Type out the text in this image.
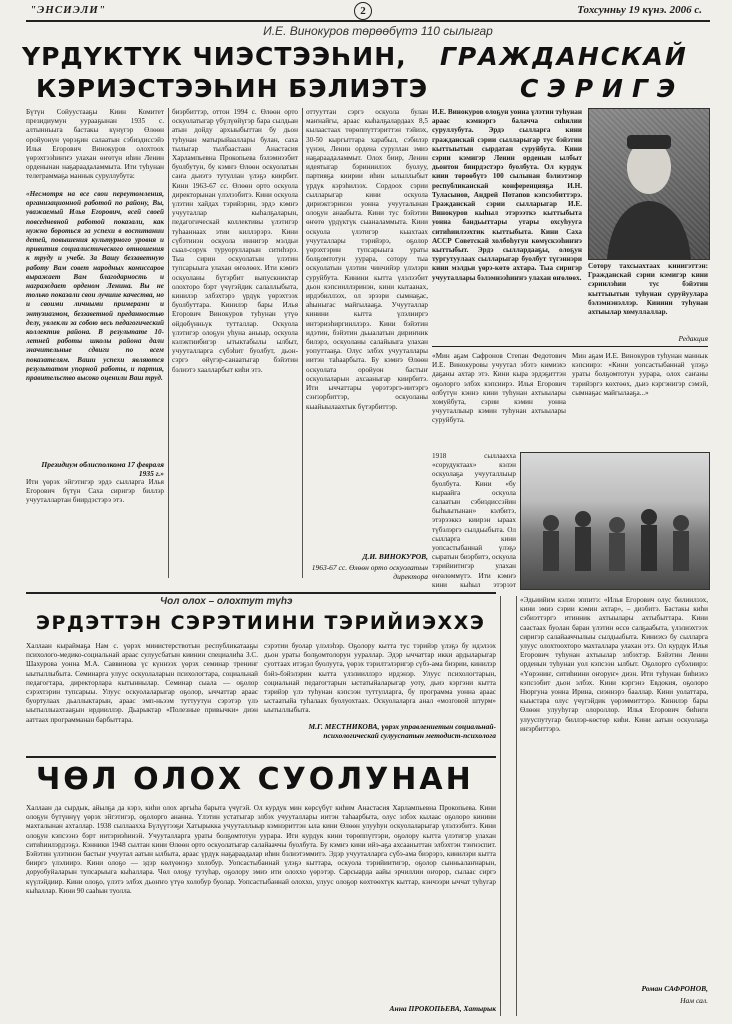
"ЭНСИЭЛИ"	2	Тохсунньу 19 күнэ. 2006 с.
И.Е. Винокуров төрөөбүтэ 110 сылыгар
ҮРДҮКТҮК ЧИЭСТЭЭҺИН,
КЭРИЭСТЭЭҺИН БЭЛИЭТЭ
ГРАЖДАНСКАЙ
СЭРИГЭ
Бүтүн Сойуустааҕы Киин Комитет президиумун уурааҕынан 1935 с. алтынньыга бастакы күнүгэр Өлөөн оройуонун үөрэҕин салаатын сэбиэдиссэйэ Илья Егорович Винокуров олохтоох үөрэхтээһиҥҥэ улахан өҥөтүн иһин Ленин орденынан наҕараадаламмыта. Ити туһунан телеграммаҕа маннык суруллубута:
«Несмотря на все свои переутомления, организационной работой по району, Вы, уважаемый Илья Егорович, всей своей повседневной работой показали, как нужно бороться за успехи в воспитании детей, повышения культурного уровня и привития социалистического отношения к труду и учебе. За Вашу беззаветную работу Вам совет народных комиссаров выражает Вам благодарность и награждает орденом Ленина. Вы не только показали свои лучшие качества, но и своими личными примерами и энтузиазмом, беззаветной преданностью делу, увлекли за собою весь педагогический коллектив района. В результате 10-летней работы школы района дали значительные сдвиги по всем показателям. Ваши успехи являются результатом упорной работы, и партия, правительство высоко оценили Ваш труд.
Президиум облисполкома 17 февраля 1935 г.»
Ити үөрэх эйгэтигэр эрдэ сылларга Илья Егорович бүтүн Саха сиригэр биллэр учууталлартан биирдэстэрэ этэ.
биэрбиттэр, оттон 1994 с. Өлөөн орто оскуолатыгар үбүлүөйүгэр бара сылдьан атын дойду архыыбыттан бу дьон туһунан матырыйааллары булан, саха тылыгар тылбаастаан Анастасия Харлампьевна Прокопьева бэлэмнээбит буолбутун, бу кэмҥэ Өлөөн оскуолатын саҥа дьиэтэ тутуллан үлэҕэ киирбит. Кини 1963-67 сс. Өлөөн орто оскуола директорынан үлэлээбитэ. Кини оскуола үлэтин хайдах тэрийэрин, эрдэ кэмҥэ учууталлар кыһалҕаларын, педагогическай коллективы үлэтигэр туһааннаах этии киллэрэрэ. Кини сүбэтинэн оскуола иннигэр мэлдьи сыал-сорук туруорулларын ситиһэрэ. Тыа сирин оскуолатын үлэтин тупсарыыга улахан өҥөлөөх. Ити кэмҥэ оскуоланы бүтэрбит выпускниктар олохторо бэрт үчүгэйдик салаллыбыта, кинилэр элбэхтэрэ үрдүк үөрэхтээх буолбуттара. Кинилэр бары Илья Егорович Винокуров туһунан үтүө өйдөбүнньүк тутталлар. Оскуола үлэтигэр олоҕун уһуна аныыр, оскуола кэлэктиибигэр ытыктабылы ылбыт, учууталларга сүбэһит буолбут, дьон-сэргэ өйүгэр-санаатыгар бэйэтин бэлиэтэ хаалларбыт киһи этэ.
оттууттан сэргэ оскуола булан маҥнайгы, араас кыһалҕалардаах 8,5 кылаастаах төрөппүттэриттэн тэйиэх, 30-50 кыргыттара харабыл, сэбилэр үүнэн, Ленин ордена суруллан эмиэ наҕараадаламмыт. Олох биир, Ленин идеятыгар бэриниилээх буолуу, партияҕа киирии иһин ылыллыбыт үрдүк кэрэһилээх. Сордоох сэрии сылларыгар кини оскуола дириэктэринэн уонна учууталынан олоҕун анаабыта. Кини тус бэйэтин өҥөтө үрдүктүк сыаналаммыта. Кини оскуола үлэтигэр кыахтаах учууталлары тэрийэрэ, оҕолор үөрэхтэрин тупсарыыга ураты болҕомтотун уурара, сотору тыа оскуолатын үлэтин чинчийэр үлэлэри суруйбута. Кинини кытта үлэлээбит дьон кэпсииллэринэн, кини кытаанах, ирдэбиллээх, ол эрээри сымнаҕас, аһыныгас майгылааҕа. Учууталлар кинини кытта үлэлииргэ интэриэһиргииллэрэ. Кини бэйэтин идэтин, бэйэтин дьыалатын дириҥник билэрэ, оскуоланы салайыыга улахан уопуттааҕа. Олус элбэх учууталлары иитэн таһаарбыта. Бу кэмҥэ Өлөөн оскуолата оройуон бастыҥ оскуолаларын ахсааныгар киирбитэ. Ити ыччаттары үөрэтэргэ-иитэргэ сэҥээрбиттэр, оскуоланы кыайыылаахтык бүтэрбиттэр.
Д.И. ВИНОКУРОВ,
1963-67 сс. Өлөөн орто оскуолатын директора
И.Е. Винокуров олоҕун уонна үлэтин туһунан араас кэмнэргэ балачча сиһилии суруллубута. Эрдэ сылларга кини гражданскай сэрии сылларыгар тус бэйэтин кыттыытын сырдатан суруйбута. Кини сэрии кэмигэр Ленин орденын ылбыт дьонтон биирдэстэрэ буолбута. Ол курдук кини төрөөбүтэ 100 сылынан бэлиэтэнэр республиканскай конференцияҕа И.Н. Туласынов, Андрей Потапов кэпсээбиттэрэ. Гражданскай сэрии сылларыгар И.Е. Винокуров кыһыл этэрээткэ кыттыбыта уонна бандьыттары утары охсуһууга ситиһиилээхтик кыттыбыта. Кини Саха АССР Советскай холбоһугун көмүскээһиҥҥэ кыттыбыт. Эрдэ сыллардааҕы, олоҕун тургутуулаах сылларыгар буолбут түгэннэри кини мэлдьи үөрэ-көтө ахтара. Тыа сиригэр учууталлары бэлэмнээһиҥҥэ улахан өҥөлөөх.
Сотору тахсыахтаах кинигэттэн: Гражданскай сэрии кэмигэр кини сэриилэһии тус бэйэтин кыттыытын туһунан суруйуулара бэлэмнэнэллэр. Кинини туһунан ахтыылар хомуллаллар.
Редакция
«Мин аҕам Сафронов Степан Федотович И.Е. Винокуровы учуутал эбэтэ кимиэхэ даҕаны ахтар этэ. Кини кыра эрдэҕиттэн оҕолорго элбэх кэпсиирэ. Илья Егорович өлбүтүн кэннэ кини туһунан ахтыылары хомуйбута, сэрии кэмин уонна учууталлыыр кэмин туһунан ахтыылары суруйбута.
Мин аҕам И.Е. Винокуров туһунан маннык кэпсиирэ: «Кини уопсастыбаннай үлэҕэ ураты болҕомтотун уурара, олох саҥаны тэрийэргэ көхтөөх, дьиэ кэргэнигэр сэмэй, сымнаҕас майгылааҕа...»
1918 сыллаахха «сорудуктаах» кэлэн оскуолаҕа учууталлыыр буолбута. Кини «бу кыраайга оскуола салаатын сэбиэдиссэйин быһыытынан» кэлбитэ, этэрээккэ киирэн ыраах түбэлэргэ сылдьыбыта. Ол сылларга кини уопсастыбаннай үлэҕэ сыратын биэрбитэ, оскуола тэрийиитигэр улахан өҥөлөммүтэ. Ити кэмҥэ кини кыһыл этэрээт
Чол олох – олохтут түһэ
ЭРДЭТТЭН СЭРЭТИИНИ ТЭРИЙИЭХХЭ
Халлаан кыраймаҕа Нам с. үөрэх министерствотын республикатааҕы психолого-медико-социальнай араас сулуусбатын киинин специалиһа З.С. Шахурова уонна М.А. Саввинова үс күннээх үөрэх семинар тренинг ыытыллыбыта. Семинарга улуус оскуолаларын психологтара, социальнай педагогтара, директорлара кытыннылар. Семинар сыала — оҕолор сэрэхтэрин тупсарыы. Улуус оскуолаларыгар оҕолор, ыччаттар араас буортулаах дьаллыктарын, араас эмп-ньээм туттуутун сэрэтэр үлэ ыытыллыахтааҕын ирдииллэр. Дьарыктар «Полезные привычки» диэн ааттаах программанан барбыттара.
сэрэтии буолар үлэлэһэр. Оҕолору кытта тус тэрийэр үлэҕэ бу идэлээх дьон ураты болҕомтолорун уураллар. Эдэр ыччаттар икки ардыларыгар суоттаах итэҕэл буолуута, үөрэх тэрилтэлэригэр сүбэ-ама биэрии, кинилэр бэйэ-бэйэлэрин кытта үлэлииллэрэ ирдэнэр. Улуус психологтарын, социальнай педагогтарын ыстатыйаларыгар уоту, дьиэ кэргэни кытта тэрийэр үлэ туһунан кэпсээн туттулларга, бу программа уонна араас ыстаатыйа туһалаах буолуохтаах. Оскуолаларга анал «мозговой штурм» ыытыллыбыта.
М.Г. МЕСТНИКОВА, үөрэх управлениетын социальнай-психологическай сулууспатын методист-психолога
ЧӨЛ ОЛОХ СУОЛУНАН
Халлаан да сырдык, айылҕа да кэрэ, киһи олох аргыһа барыта үчүгэй. Ол курдук мин көрсүбүт киһим Анастасия Харлампьевна Прокопьева. Кини олоҕун бүтүннүү үөрэх эйгэтигэр, оҕолорго ананна. Үлэтин устатыгар элбэх учууталлары иитэн таһаарбыта, олус элбэх кылаас оҕолоро кинини махталынан ахталлар. 1938 сыллаахха Бүлүүтээҕи Хатырыкка учууталлыыр кэмнэриттэн ыла кини Өлөөн улууһун оскуолаларыгар үлэлээбитэ. Кини олоҕун кэпсээнэ бэрт интэриэһинэй. Учууталларга ураты болҕомтотун уурара. Ити курдук кини төрөппүттэри, оҕолору кытта үлэтигэр улахан ситиһиилэрдээҕэ. Кэнники 1948 сылтан кини Өлөөн орто оскуолатыгар салайааччы буолбута. Бу кэмҥэ кини ийэ-аҕа ахсааныттан элбэхтэн тэҥнэспит. Бэйэтин үлэтинэн бастыҥ учуутал аатын ылбыта, араас үрдүк наҕараадалар иһин бэлиэтэммитэ. Эдэр учууталларга сүбэ-ама биэрэрэ, кинилэри кытта бииргэ үлэлиирэ. Кини олоҕо — эдэр көлүөнэҕэ холобур. Уопсастыбаннай үлэҕэ кыттара, оскуола тэрийиитигэр, оҕолор сынньалаҥнарын, доруобуйаларын тупсарыыга кыһаллара. Чөл олоҕу тутуһар, оҕолору эмиэ ити олоххо үөрэтэр. Сарсыарда аайы эрчиллии оҥорор, сылаас сиргэ күүлэйдиир. Кини олоҕо, үлэтэ элбэх дьоҥҥо үтүө холобур буолар. Уопсастыбаннай олоххо, улуус олоҕор көхтөөхтүк кыттар, кэнчээри ыччат туһугар кыһаллар. Кини 90 сааһын туолла.
Анна ПРОКОПЬЕВА, Хатырык
«Эдьиийим кэлэн эппитэ: «Илья Егорович олус билиилээх, кини эмиэ сэрии кэмин ахтар», – диэбитэ. Бастакы киһи сэбиэттэргэ итинник ахтыылары ахтыбыттара. Кини саастаах буолан баран үлэтин өссө салҕаабыта, үлэлиэхтээх сиригэр салайааччылыы сылдьыбыта. Киниэхэ бу сылларга улуус олохтоохторо махталлара улахан этэ. Ол курдук Илья Егорович туһунан ахтыылар элбэхтэр. Бэйэтин Ленин орденын туһунан уол кэпсээн ылбыт. Оҕолорго сүбэлиирэ: «Үөрэниҥ, ситиһиини оҥоруҥ» диэн. Ити туһунан биһиэхэ кэпсээбит дьон элбэх. Кини кэргэнэ Евдокия, оҕолоро Нюргуна уонна Ирина, сиэннэрэ бааллар. Кини уолаттара, кыыстара олус үчүгэйдик үөрэммиттэрэ. Кинилэр бары Өлөөн улууһугар олороллор. Илья Егорович биһиги улууспутугар биллэр-көстөр киһи. Кини аатын оскуолаҕа иҥэрбиттэрэ.
Роман САФРОНОВ,
Нам сал.
